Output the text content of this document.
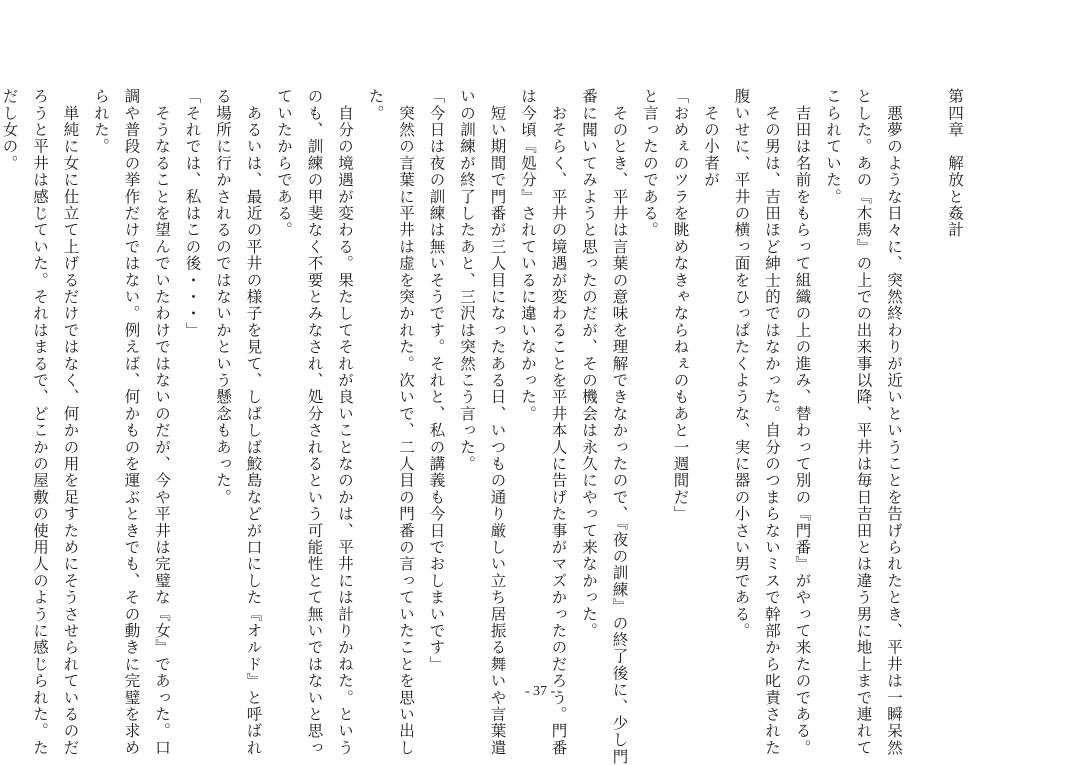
第四章　解放と姦計
　悪夢のような日々に、突然終わりが近いということを告げられたとき、平井は一瞬呆然
とした。あの『木馬』の上での出来事以降、平井は毎日吉田とは違う男に地上まで連れて
こられていた。
　吉田は名前をもらって組織の上の進み、替わって別の『門番』がやって来たのである。
　その男は、吉田ほど紳士的ではなかった。自分のつまらないミスで幹部から叱責された
腹いせに、平井の横っ面をひっぱたくような、実に器の小さい男である。
　その小者が
「おめぇのツラを眺めなきゃならねぇのもあと一週間だ」
と言ったのである。
　そのとき、平井は言葉の意味を理解できなかったので、『夜の訓練』の終了後に、少し門
番に聞いてみようと思ったのだが、その機会は永久にやって来なかった。
　おそらく、平井の境遇が変わることを平井本人に告げた事がマズかったのだろう。門番
は今頃『処分』されているに違いなかった。
　短い期間で門番が三人目になったある日、いつもの通り厳しい立ち居振る舞いや言葉遣
いの訓練が終了したあと、三沢は突然こう言った。
「今日は夜の訓練は無いそうです。それと、私の講義も今日でおしまいです」
　突然の言葉に平井は虚を突かれた。次いで、二人目の門番の言っていたことを思い出し
た。
　自分の境遇が変わる。果たしてそれが良いことなのかは、平井には計りかねた。という
のも、訓練の甲斐なく不要とみなされ、処分されるという可能性とて無いではないと思っ
ていたからである。
　あるいは、最近の平井の様子を見て、しばしば鮫島などが口にした『オルド』と呼ばれ
る場所に行かされるのではないかという懸念もあった。
「それでは、私はこの後・・・」
　そうなることを望んでいたわけではないのだが、今や平井は完璧な『女』であった。口
調や普段の挙作だけではない。例えば、何かものを運ぶときでも、その動きに完璧を求め
られた。
　単純に女に仕立て上げるだけではなく、何かの用を足すためにそうさせられているのだ
ろうと平井は感じていた。それはまるで、どこかの屋敷の使用人のように感じられた。た
だし女の。
- 37 -
